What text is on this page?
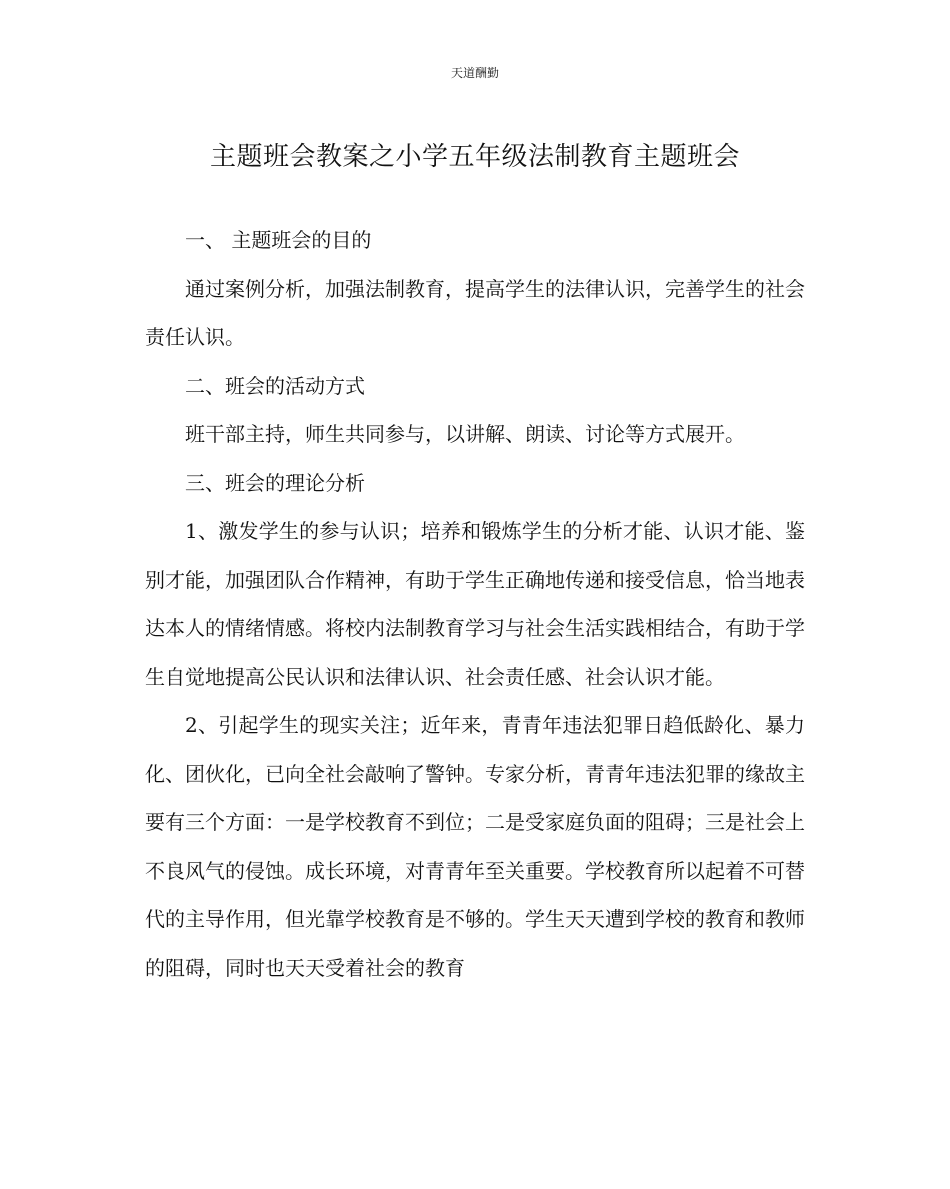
天道酬勤
主题班会教案之小学五年级法制教育主题班会

一、 主题班会的目的

通过案例分析，加强法制教育，提高学生的法律认识，完善学生的社会责任认识。

二、班会的活动方式

班干部主持，师生共同参与，以讲解、朗读、讨论等方式展开。

三、班会的理论分析

1、激发学生的参与认识；培养和锻炼学生的分析才能、认识才能、鉴别才能，加强团队合作精神，有助于学生正确地传递和接受信息，恰当地表达本人的情绪情感。将校内法制教育学习与社会生活实践相结合，有助于学生自觉地提高公民认识和法律认识、社会责任感、社会认识才能。

2、引起学生的现实关注；近年来，青青年违法犯罪日趋低龄化、暴力化、团伙化，已向全社会敲响了警钟。专家分析，青青年违法犯罪的缘故主要有三个方面：一是学校教育不到位；二是受家庭负面的阻碍；三是社会上不良风气的侵蚀。成长环境，对青青年至关重要。学校教育所以起着不可替代的主导作用，但光靠学校教育是不够的。学生天天遭到学校的教育和教师的阻碍，同时也天天受着社会的教育
